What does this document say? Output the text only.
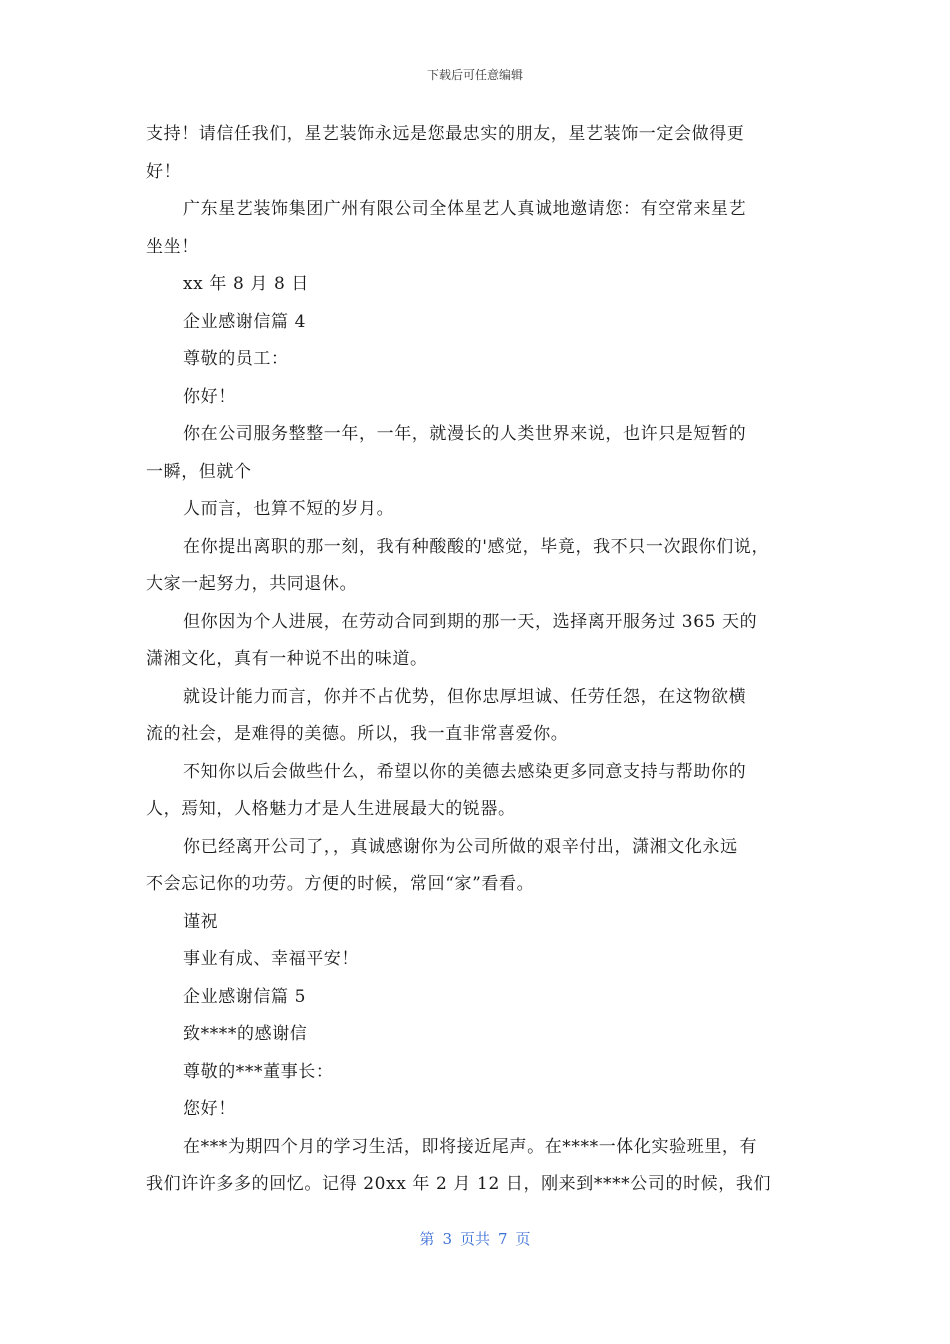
下载后可任意编辑
支持！请信任我们，星艺装饰永远是您最忠实的朋友，星艺装饰一定会做得更
好！
广东星艺装饰集团广州有限公司全体星艺人真诚地邀请您：有空常来星艺
坐坐！
xx 年 8 月 8 日
企业感谢信篇 4
尊敬的员工：
你好！
你在公司服务整整一年，一年，就漫长的人类世界来说，也许只是短暂的
一瞬，但就个
人而言，也算不短的岁月。
在你提出离职的那一刻，我有种酸酸的'感觉，毕竟，我不只一次跟你们说，
大家一起努力，共同退休。
但你因为个人进展，在劳动合同到期的那一天，选择离开服务过 365 天的
潇湘文化，真有一种说不出的味道。
就设计能力而言，你并不占优势，但你忠厚坦诚、任劳任怨，在这物欲横
流的社会，是难得的美德。所以，我一直非常喜爱你。
不知你以后会做些什么，希望以你的美德去感染更多同意支持与帮助你的
人，焉知，人格魅力才是人生进展最大的锐器。
你已经离开公司了，，真诚感谢你为公司所做的艰辛付出，潇湘文化永远
不会忘记你的功劳。方便的时候，常回“家”看看。
谨祝
事业有成、幸福平安！
企业感谢信篇 5
致****的感谢信
尊敬的***董事长：
您好！
在***为期四个月的学习生活，即将接近尾声。在****一体化实验班里，有
我们许许多多的回忆。记得 20xx 年 2 月 12 日，刚来到****公司的时候，我们
第 3 页共 7 页
